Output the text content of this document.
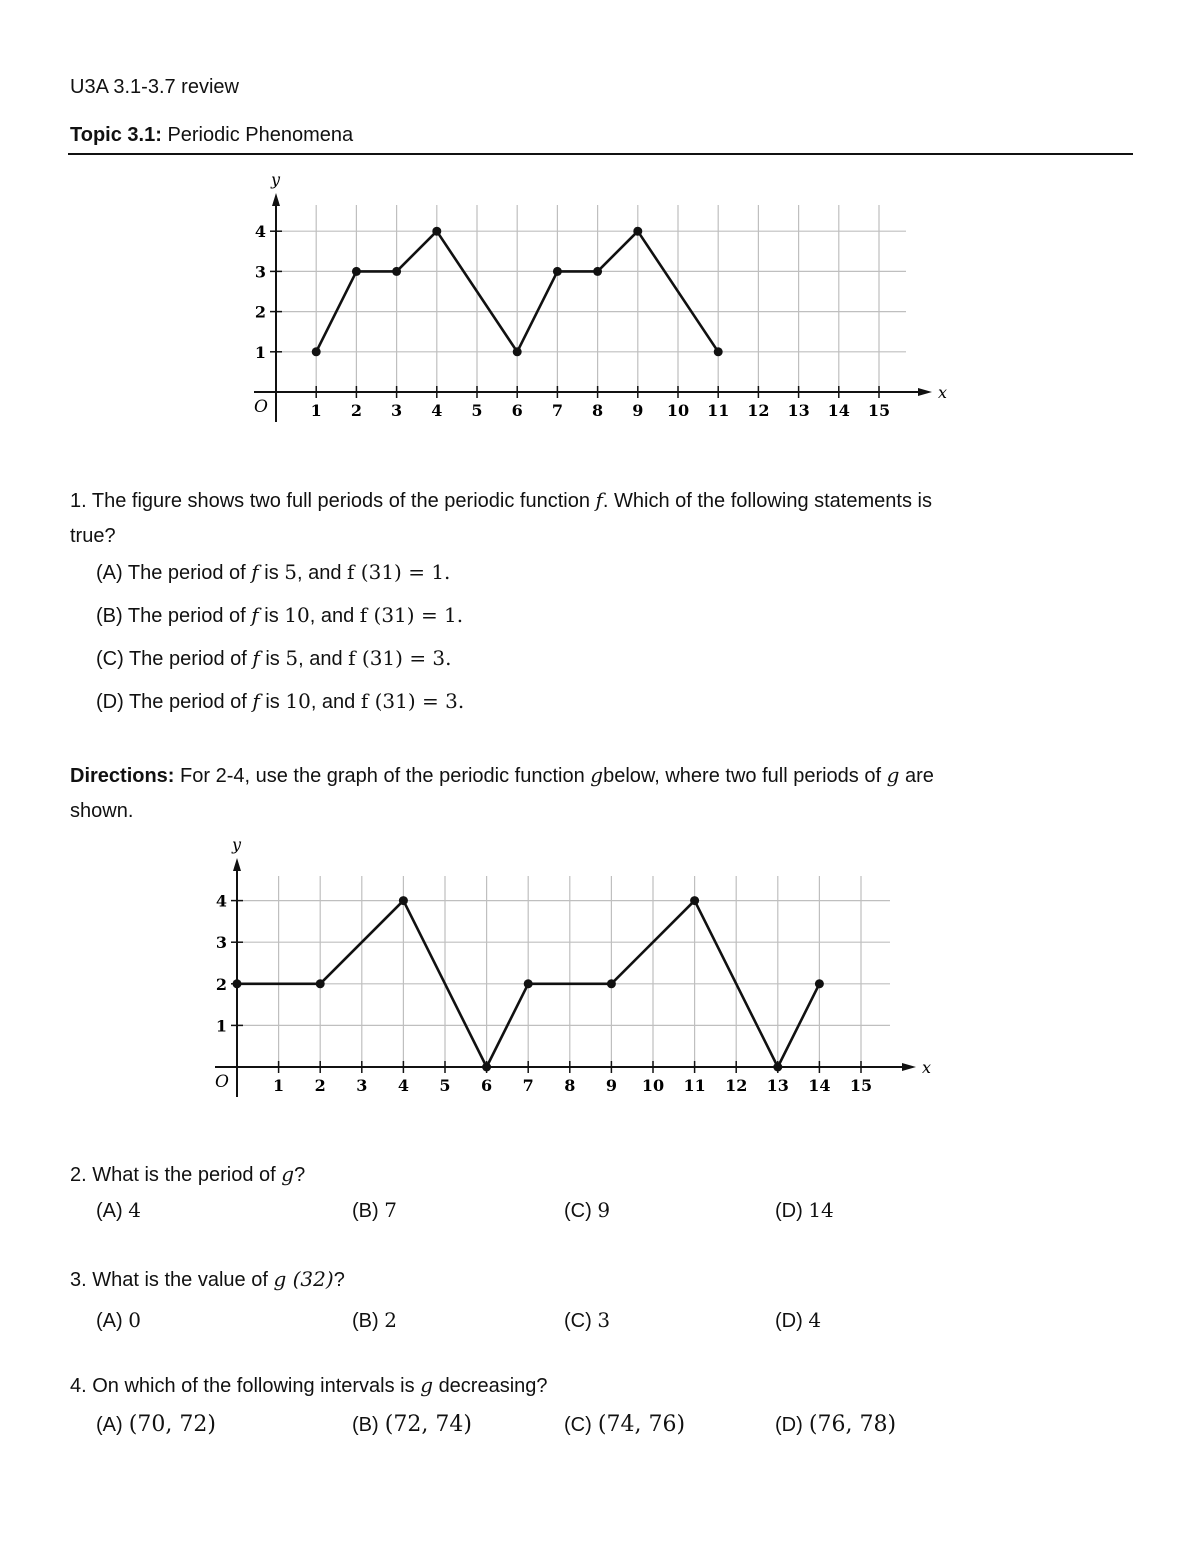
U3A 3.1-3.7 review
Topic 3.1: Periodic Phenomena
x
y
O	1 2 3 4 5 6 7 8 9 10 11 12 13 14 15
1
2
3
4
1. The figure shows two full periods of the periodic function f. Which of the following statements is
true?
(A) The period of f is 5, and f (31) = 1.
(B) The period of f is 10, and f (31) = 1.
(C) The period of f is 5, and f (31) = 3.
(D) The period of f is 10, and f (31) = 3.
Directions: For 2-4, use the graph of the periodic function gbelow, where two full periods of g are
shown.
x
y
O	1 2 3 4 5 6 7 8 9 10 11 12 13 14 15
1
2
3
4
2. What is the period of g?
(A) 4	(B) 7	(C) 9	(D) 14
3. What is the value of g (32)?
(A) 0	(B) 2	(C) 3	(D) 4
4. On which of the following intervals is g decreasing?
(A) (70, 72)	(B) (72, 74)	(C) (74, 76)	(D) (76, 78)
